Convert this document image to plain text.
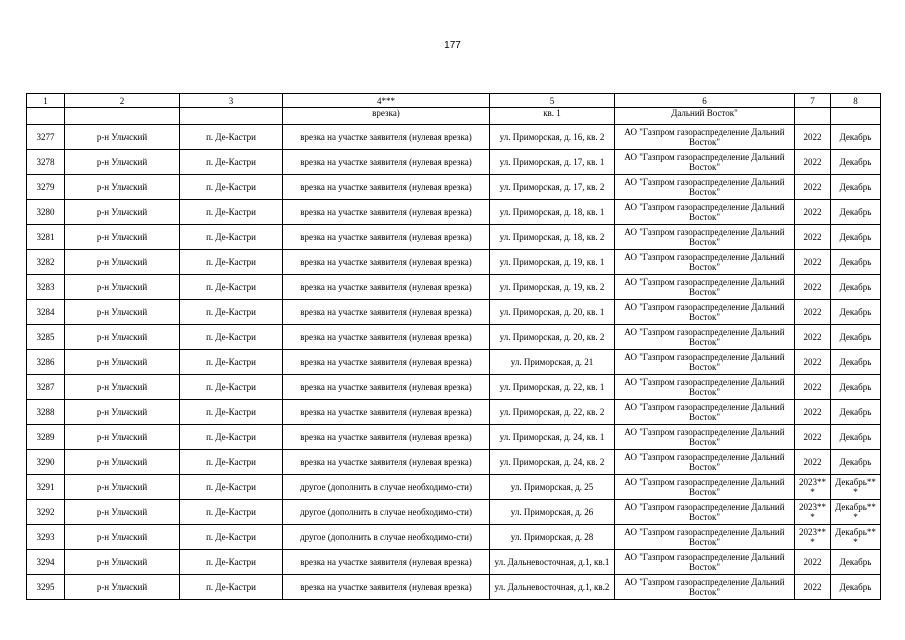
177
1	2	3	4***	5	6	7	8
			врезка)	кв. 1	Дальний Восток"		
3277	р-н Ульчский	п. Де-Кастри	врезка на участке заявителя (нулевая врезка)	ул. Приморская, д. 16, кв. 2	АО "Газпром газораспределение Дальний Восток"	2022	Декабрь
3278	р-н Ульчский	п. Де-Кастри	врезка на участке заявителя (нулевая врезка)	ул. Приморская, д. 17, кв. 1	АО "Газпром газораспределение Дальний Восток"	2022	Декабрь
3279	р-н Ульчский	п. Де-Кастри	врезка на участке заявителя (нулевая врезка)	ул. Приморская, д. 17, кв. 2	АО "Газпром газораспределение Дальний Восток"	2022	Декабрь
3280	р-н Ульчский	п. Де-Кастри	врезка на участке заявителя (нулевая врезка)	ул. Приморская, д. 18, кв. 1	АО "Газпром газораспределение Дальний Восток"	2022	Декабрь
3281	р-н Ульчский	п. Де-Кастри	врезка на участке заявителя (нулевая врезка)	ул. Приморская, д. 18, кв. 2	АО "Газпром газораспределение Дальний Восток"	2022	Декабрь
3282	р-н Ульчский	п. Де-Кастри	врезка на участке заявителя (нулевая врезка)	ул. Приморская, д. 19, кв. 1	АО "Газпром газораспределение Дальний Восток"	2022	Декабрь
3283	р-н Ульчский	п. Де-Кастри	врезка на участке заявителя (нулевая врезка)	ул. Приморская, д. 19, кв. 2	АО "Газпром газораспределение Дальний Восток"	2022	Декабрь
3284	р-н Ульчский	п. Де-Кастри	врезка на участке заявителя (нулевая врезка)	ул. Приморская, д. 20, кв. 1	АО "Газпром газораспределение Дальний Восток"	2022	Декабрь
3285	р-н Ульчский	п. Де-Кастри	врезка на участке заявителя (нулевая врезка)	ул. Приморская, д. 20, кв. 2	АО "Газпром газораспределение Дальний Восток"	2022	Декабрь
3286	р-н Ульчский	п. Де-Кастри	врезка на участке заявителя (нулевая врезка)	ул. Приморская, д. 21	АО "Газпром газораспределение Дальний Восток"	2022	Декабрь
3287	р-н Ульчский	п. Де-Кастри	врезка на участке заявителя (нулевая врезка)	ул. Приморская, д. 22, кв. 1	АО "Газпром газораспределение Дальний Восток"	2022	Декабрь
3288	р-н Ульчский	п. Де-Кастри	врезка на участке заявителя (нулевая врезка)	ул. Приморская, д. 22, кв. 2	АО "Газпром газораспределение Дальний Восток"	2022	Декабрь
3289	р-н Ульчский	п. Де-Кастри	врезка на участке заявителя (нулевая врезка)	ул. Приморская, д. 24, кв. 1	АО "Газпром газораспределение Дальний Восток"	2022	Декабрь
3290	р-н Ульчский	п. Де-Кастри	врезка на участке заявителя (нулевая врезка)	ул. Приморская, д. 24, кв. 2	АО "Газпром газораспределение Дальний Восток"	2022	Декабрь
3291	р-н Ульчский	п. Де-Кастри	другое (дополнить в случае необходимо-сти)	ул. Приморская, д. 25	АО "Газпром газораспределение Дальний Восток"	2023***	Декабрь***
3292	р-н Ульчский	п. Де-Кастри	другое (дополнить в случае необходимо-сти)	ул. Приморская, д. 26	АО "Газпром газораспределение Дальний Восток"	2023***	Декабрь***
3293	р-н Ульчский	п. Де-Кастри	другое (дополнить в случае необходимо-сти)	ул. Приморская, д. 28	АО "Газпром газораспределение Дальний Восток"	2023***	Декабрь***
3294	р-н Ульчский	п. Де-Кастри	врезка на участке заявителя (нулевая врезка)	ул. Дальневосточная, д.1, кв.1	АО "Газпром газораспределение Дальний Восток"	2022	Декабрь
3295	р-н Ульчский	п. Де-Кастри	врезка на участке заявителя (нулевая врезка)	ул. Дальневосточная, д.1, кв.2	АО "Газпром газораспределение Дальний Восток"	2022	Декабрь
